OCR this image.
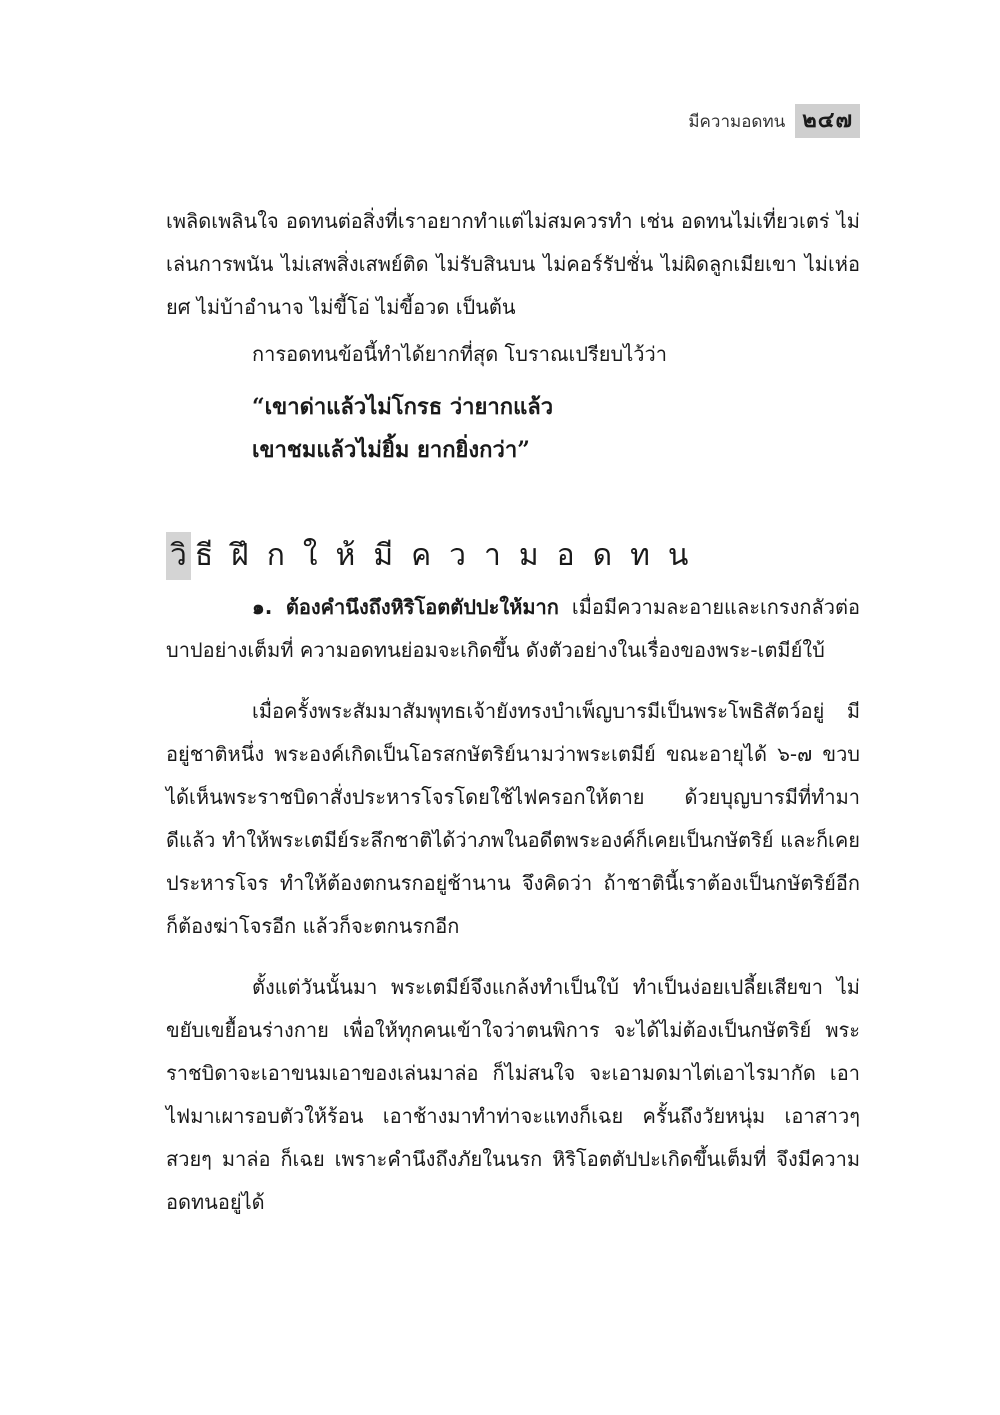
มีความอดทน ๒๔๗

เพลิดเพลินใจ อดทนต่อสิ่งที่เราอยากทำแต่ไม่สมควรทำ เช่น อดทนไม่เที่ยวเตร่ ไม่เล่นการพนัน ไม่เสพสิ่งเสพย์ติด ไม่รับสินบน ไม่คอร์รัปชั่น ไม่ผิดลูกเมียเขา ไม่เห่อยศ ไม่บ้าอำนาจ ไม่ขี้โอ่ ไม่ขี้อวด เป็นต้น

การอดทนข้อนี้ทำได้ยากที่สุด โบราณเปรียบไว้ว่า

“เขาด่าแล้วไม่โกรธ ว่ายากแล้ว
เขาชมแล้วไม่ยิ้ม ยากยิ่งกว่า”
วิ ธีฝึกให้มีความอดทน

๑. ต้องคำนึงถึงหิริโอตตัปปะให้มาก เมื่อมีความละอายและเกรงกลัวต่อบาปอย่างเต็มที่ ความอดทนย่อมจะเกิดขึ้น ดังตัวอย่างในเรื่องของพระ-เตมีย์ใบ้

เมื่อครั้งพระสัมมาสัมพุทธเจ้ายังทรงบำเพ็ญบารมีเป็นพระโพธิสัตว์อยู่ มีอยู่ชาติหนึ่ง พระองค์เกิดเป็นโอรสกษัตริย์นามว่าพระเตมีย์ ขณะอายุได้ ๖-๗ ขวบ ได้เห็นพระราชบิดาสั่งประหารโจรโดยใช้ไฟครอกให้ตาย ด้วยบุญบารมีที่ทำมาดีแล้ว ทำให้พระเตมีย์ระลึกชาติได้ว่าภพในอดีตพระองค์ก็เคยเป็นกษัตริย์ และก็เคยประหารโจร ทำให้ต้องตกนรกอยู่ช้านาน จึงคิดว่า ถ้าชาตินี้เราต้องเป็นกษัตริย์อีก ก็ต้องฆ่าโจรอีก แล้วก็จะตกนรกอีก

ตั้งแต่วันนั้นมา พระเตมีย์จึงแกล้งทำเป็นใบ้ ทำเป็นง่อยเปลี้ยเสียขา ไม่ขยับเขยื้อนร่างกาย เพื่อให้ทุกคนเข้าใจว่าตนพิการ จะได้ไม่ต้องเป็นกษัตริย์ พระราชบิดาจะเอาขนมเอาของเล่นมาล่อ ก็ไม่สนใจ จะเอามดมาไต่เอาไรมากัด เอาไฟมาเผารอบตัวให้ร้อน เอาช้างมาทำท่าจะแทงก็เฉย ครั้นถึงวัยหนุ่ม เอาสาวๆ สวยๆ มาล่อ ก็เฉย เพราะคำนึงถึงภัยในนรก หิริโอตตัปปะเกิดขึ้นเต็มที่ จึงมีความอดทนอยู่ได้
